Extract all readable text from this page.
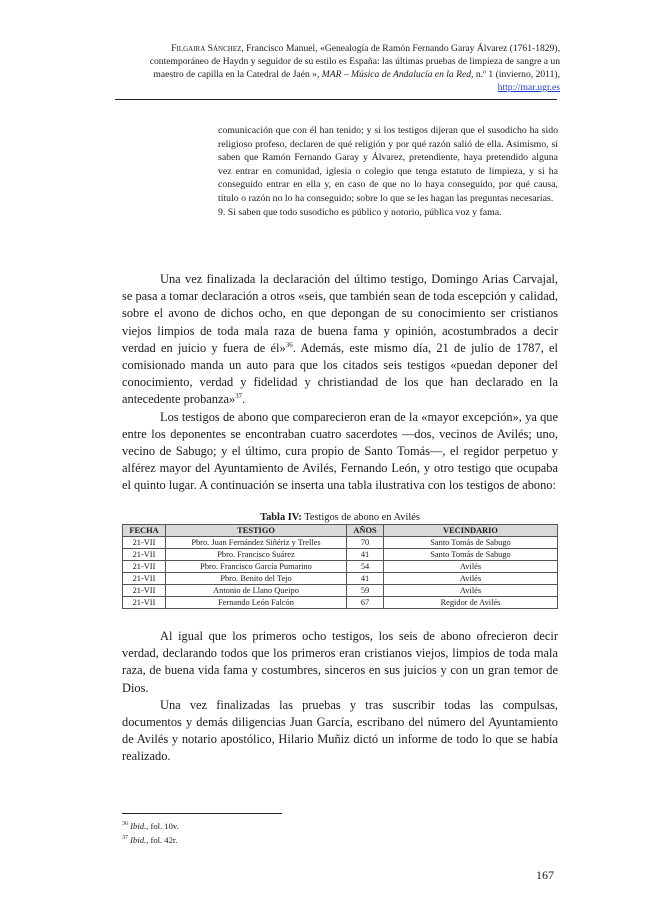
Filgaira Sánchez, Francisco Manuel, «Genealogía de Ramón Fernando Garay Álvarez (1761-1829), contemporáneo de Haydn y seguidor de su estilo es España: las últimas pruebas de limpieza de sangre a un maestro de capilla en la Catedral de Jaén », MAR – Música de Andalucía en la Red, n.º 1 (invierno, 2011), http://mar.ugr.es

comunicación que con él han tenido; y si los testigos dijeran que el susodicho ha sido religioso profeso, declaren de qué religión y por qué razón salió de ella. Asimismo, si saben que Ramón Fernando Garay y Álvarez, pretendiente, haya pretendido alguna vez entrar en comunidad, iglesia o colegio que tenga estatuto de limpieza, y si ha conseguido entrar en ella y, en caso de que no lo haya conseguido, por qué causa, título o razón no lo ha conseguido; sobre lo que se les hagan las preguntas necesarias.

9. Si saben que todo susodicho es público y notorio, pública voz y fama.

Una vez finalizada la declaración del último testigo, Domingo Arias Carvajal, se pasa a tomar declaración a otros «seis, que también sean de toda escepción y calidad, sobre el avono de dichos ocho, en que depongan de su conocimiento ser cristianos viejos limpios de toda mala raza de buena fama y opinión, acostumbrados a decir verdad en juicio y fuera de él»$^{36}$. Además, este mismo día, 21 de julio de 1787, el comisionado manda un auto para que los citados seis testigos «puedan deponer del conocimiento, verdad y fidelidad y christiandad de los que han declarado en la antecedente probanza»$^{37}$.

Los testigos de abono que comparecieron eran de la «mayor excepción», ya que entre los deponentes se encontraban cuatro sacerdotes —dos, vecinos de Avilés; uno, vecino de Sabugo; y el último, cura propio de Santo Tomás—, el regidor perpetuo y alférez mayor del Ayuntamiento de Avilés, Fernando León, y otro testigo que ocupaba el quinto lugar. A continuación se inserta una tabla ilustrativa con los testigos de abono:

Tabla IV: Testigos de abono en Avilés
FECHA	TESTIGO	AÑOS	VECINDARIO
21-VII	Pbro. Juan Fernández Siñériz y Trelles	70	Santo Tomás de Sabugo
21-VII	Pbro. Francisco Suárez	41	Santo Tomás de Sabugo
21-VII	Pbro. Francisco García Pumarino	54	Avilés
21-VII	Pbro. Benito del Tejo	41	Avilés
21-VII	Antonio de Llano Queipo	59	Avilés
21-VII	Fernando León Falcón	67	Regidor de Avilés

Al igual que los primeros ocho testigos, los seis de abono ofrecieron decir verdad, declarando todos que los primeros eran cristianos viejos, limpios de toda mala raza, de buena vida fama y costumbres, sinceros en sus juicios y con un gran temor de Dios.

Una vez finalizadas las pruebas y tras suscribir todas las compulsas, documentos y demás diligencias Juan García, escribano del número del Ayuntamiento de Avilés y notario apostólico, Hilario Muñiz dictó un informe de todo lo que se había realizado.

$^{36}$ Ibid., fol. 10v.
$^{37}$ Ibid., fol. 42r.
167
